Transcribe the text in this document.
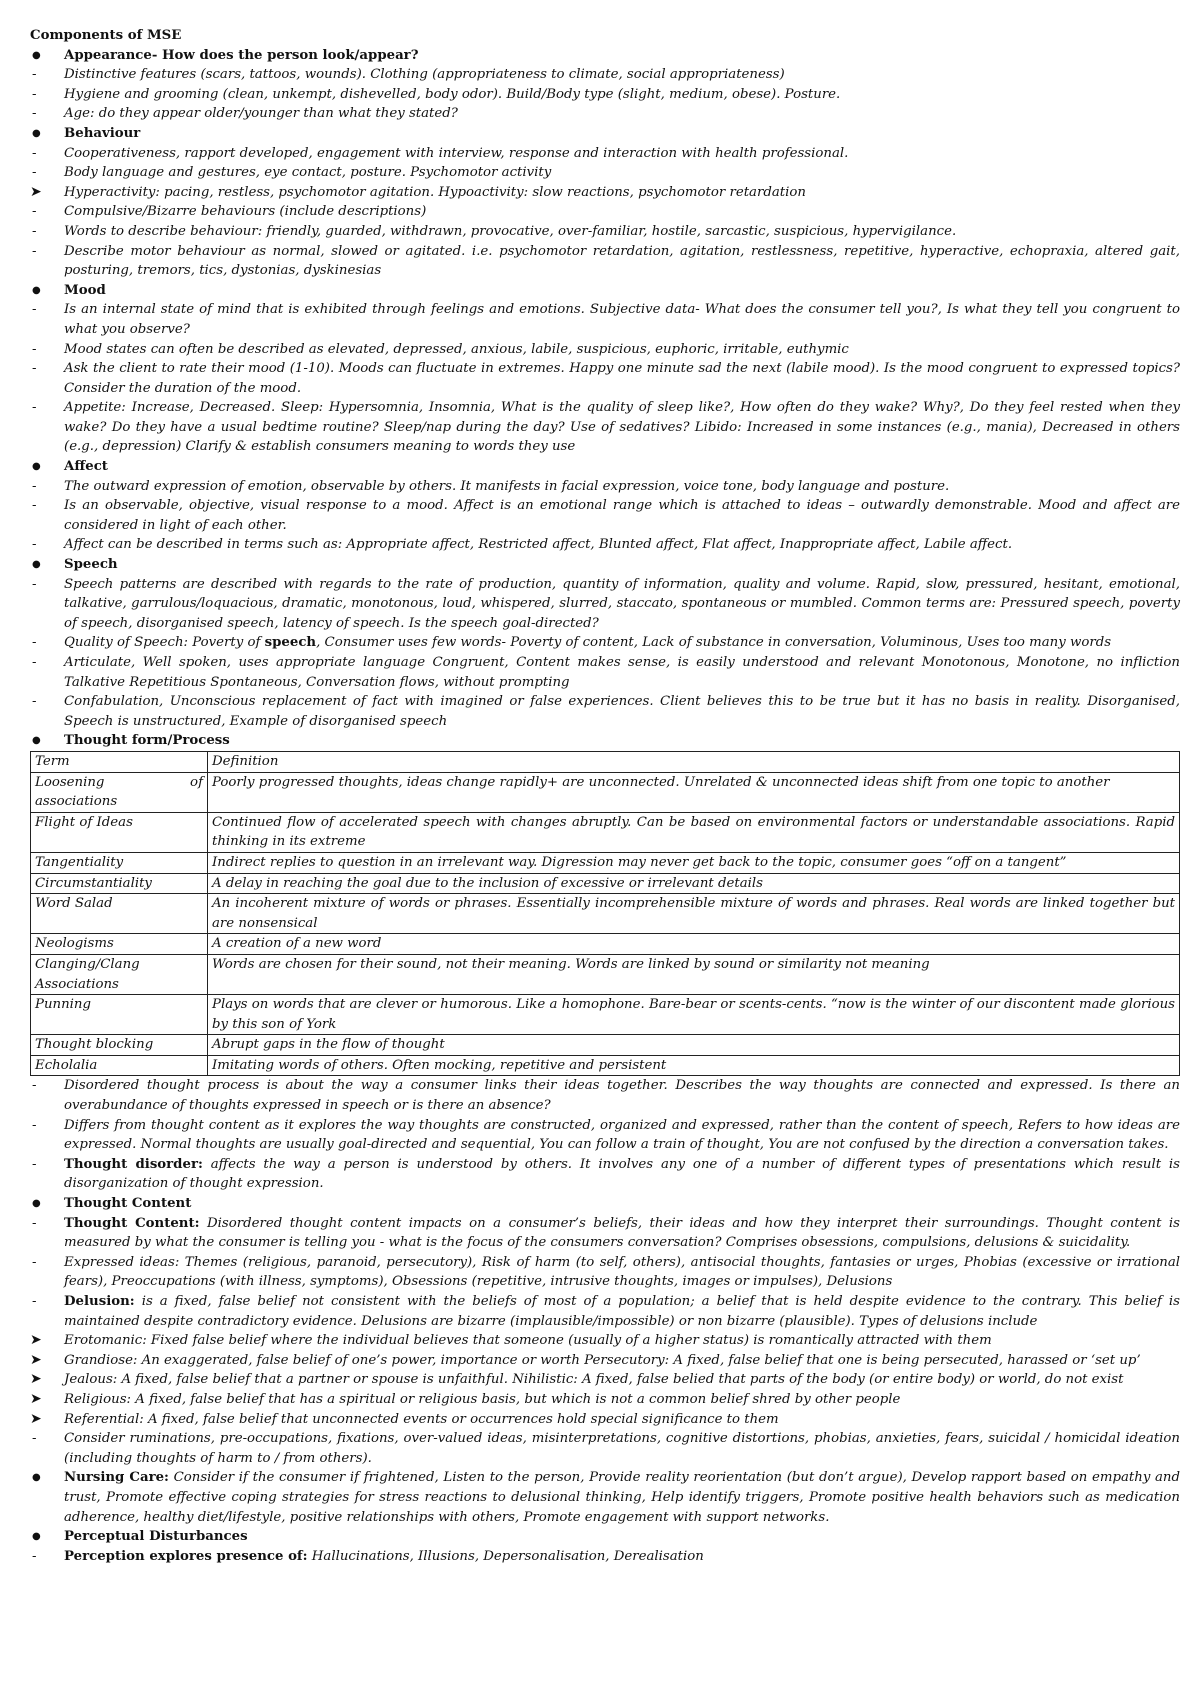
Components of MSE
● Appearance- How does the person look/appear?
- Distinctive features (scars, tattoos, wounds). Clothing (appropriateness to climate, social appropriateness)
- Hygiene and grooming (clean, unkempt, dishevelled, body odor). Build/Body type (slight, medium, obese). Posture.
- Age: do they appear older/younger than what they stated?
● Behaviour
- Cooperativeness, rapport developed, engagement with interview, response and interaction with health professional.
- Body language and gestures, eye contact, posture. Psychomotor activity
➤ Hyperactivity: pacing, restless, psychomotor agitation. Hypoactivity: slow reactions, psychomotor retardation
- Compulsive/Bizarre behaviours (include descriptions)
- Words to describe behaviour: friendly, guarded, withdrawn, provocative, over-familiar, hostile, sarcastic, suspicious, hypervigilance.
- Describe motor behaviour as normal, slowed or agitated. i.e. psychomotor retardation, agitation, restlessness, repetitive, hyperactive, echopraxia, altered gait, posturing, tremors, tics, dystonias, dyskinesias
● Mood
- Is an internal state of mind that is exhibited through feelings and emotions. Subjective data- What does the consumer tell you?, Is what they tell you congruent to what you observe?
- Mood states can often be described as elevated, depressed, anxious, labile, suspicious, euphoric, irritable, euthymic
- Ask the client to rate their mood (1-10). Moods can fluctuate in extremes. Happy one minute sad the next (labile mood). Is the mood congruent to expressed topics? Consider the duration of the mood.
- Appetite: Increase, Decreased. Sleep: Hypersomnia, Insomnia, What is the quality of sleep like?, How often do they wake? Why?, Do they feel rested when they wake? Do they have a usual bedtime routine? Sleep/nap during the day? Use of sedatives? Libido: Increased in some instances (e.g., mania), Decreased in others (e.g., depression) Clarify & establish consumers meaning to words they use
● Affect
- The outward expression of emotion, observable by others. It manifests in facial expression, voice tone, body language and posture.
- Is an observable, objective, visual response to a mood. Affect is an emotional range which is attached to ideas – outwardly demonstrable. Mood and affect are considered in light of each other.
- Affect can be described in terms such as: Appropriate affect, Restricted affect, Blunted affect, Flat affect, Inappropriate affect, Labile affect.
● Speech
- Speech patterns are described with regards to the rate of production, quantity of information, quality and volume. Rapid, slow, pressured, hesitant, emotional, talkative, garrulous/loquacious, dramatic, monotonous, loud, whispered, slurred, staccato, spontaneous or mumbled. Common terms are: Pressured speech, poverty of speech, disorganised speech, latency of speech. Is the speech goal-directed?
- Quality of Speech: Poverty of speech, Consumer uses few words- Poverty of content, Lack of substance in conversation, Voluminous, Uses too many words
- Articulate, Well spoken, uses appropriate language Congruent, Content makes sense, is easily understood and relevant Monotonous, Monotone, no infliction Talkative Repetitious Spontaneous, Conversation flows, without prompting
- Confabulation, Unconscious replacement of fact with imagined or false experiences. Client believes this to be true but it has no basis in reality. Disorganised, Speech is unstructured, Example of disorganised speech
● Thought form/Process
Term	Definition
Loosening of associations	Poorly progressed thoughts, ideas change rapidly+ are unconnected. Unrelated & unconnected ideas shift from one topic to another
Flight of Ideas	Continued flow of accelerated speech with changes abruptly. Can be based on environmental factors or understandable associations. Rapid thinking in its extreme
Tangentiality	Indirect replies to question in an irrelevant way. Digression may never get back to the topic, consumer goes “off on a tangent”
Circumstantiality	A delay in reaching the goal due to the inclusion of excessive or irrelevant details
Word Salad	An incoherent mixture of words or phrases. Essentially incomprehensible mixture of words and phrases. Real words are linked together but are nonsensical
Neologisms	A creation of a new word
Clanging/Clang Associations	Words are chosen for their sound, not their meaning. Words are linked by sound or similarity not meaning
Punning	Plays on words that are clever or humorous. Like a homophone. Bare-bear or scents-cents. “now is the winter of our discontent made glorious by this son of York
Thought blocking	Abrupt gaps in the flow of thought
Echolalia	Imitating words of others. Often mocking, repetitive and persistent
- Disordered thought process is about the way a consumer links their ideas together. Describes the way thoughts are connected and expressed. Is there an overabundance of thoughts expressed in speech or is there an absence?
- Differs from thought content as it explores the way thoughts are constructed, organized and expressed, rather than the content of speech, Refers to how ideas are expressed. Normal thoughts are usually goal-directed and sequential, You can follow a train of thought, You are not confused by the direction a conversation takes.
- Thought disorder: affects the way a person is understood by others. It involves any one of a number of different types of presentations which result is disorganization of thought expression.
● Thought Content
- Thought Content: Disordered thought content impacts on a consumer’s beliefs, their ideas and how they interpret their surroundings. Thought content is measured by what the consumer is telling you - what is the focus of the consumers conversation? Comprises obsessions, compulsions, delusions & suicidality.
- Expressed ideas: Themes (religious, paranoid, persecutory), Risk of harm (to self, others), antisocial thoughts, fantasies or urges, Phobias (excessive or irrational fears), Preoccupations (with illness, symptoms), Obsessions (repetitive, intrusive thoughts, images or impulses), Delusions
- Delusion: is a fixed, false belief not consistent with the beliefs of most of a population; a belief that is held despite evidence to the contrary. This belief is maintained despite contradictory evidence. Delusions are bizarre (implausible/impossible) or non bizarre (plausible). Types of delusions include
➤ Erotomanic: Fixed false belief where the individual believes that someone (usually of a higher status) is romantically attracted with them
➤ Grandiose: An exaggerated, false belief of one’s power, importance or worth Persecutory: A fixed, false belief that one is being persecuted, harassed or ‘set up’
➤ Jealous: A fixed, false belief that a partner or spouse is unfaithful. Nihilistic: A fixed, false belied that parts of the body (or entire body) or world, do not exist
➤ Religious: A fixed, false belief that has a spiritual or religious basis, but which is not a common belief shred by other people
➤ Referential: A fixed, false belief that unconnected events or occurrences hold special significance to them
- Consider ruminations, pre-occupations, fixations, over-valued ideas, misinterpretations, cognitive distortions, phobias, anxieties, fears, suicidal / homicidal ideation (including thoughts of harm to / from others).
● Nursing Care: Consider if the consumer if frightened, Listen to the person, Provide reality reorientation (but don’t argue), Develop rapport based on empathy and trust, Promote effective coping strategies for stress reactions to delusional thinking, Help identify triggers, Promote positive health behaviors such as medication adherence, healthy diet/lifestyle, positive relationships with others, Promote engagement with support networks.
● Perceptual Disturbances
- Perception explores presence of: Hallucinations, Illusions, Depersonalisation, Derealisation
